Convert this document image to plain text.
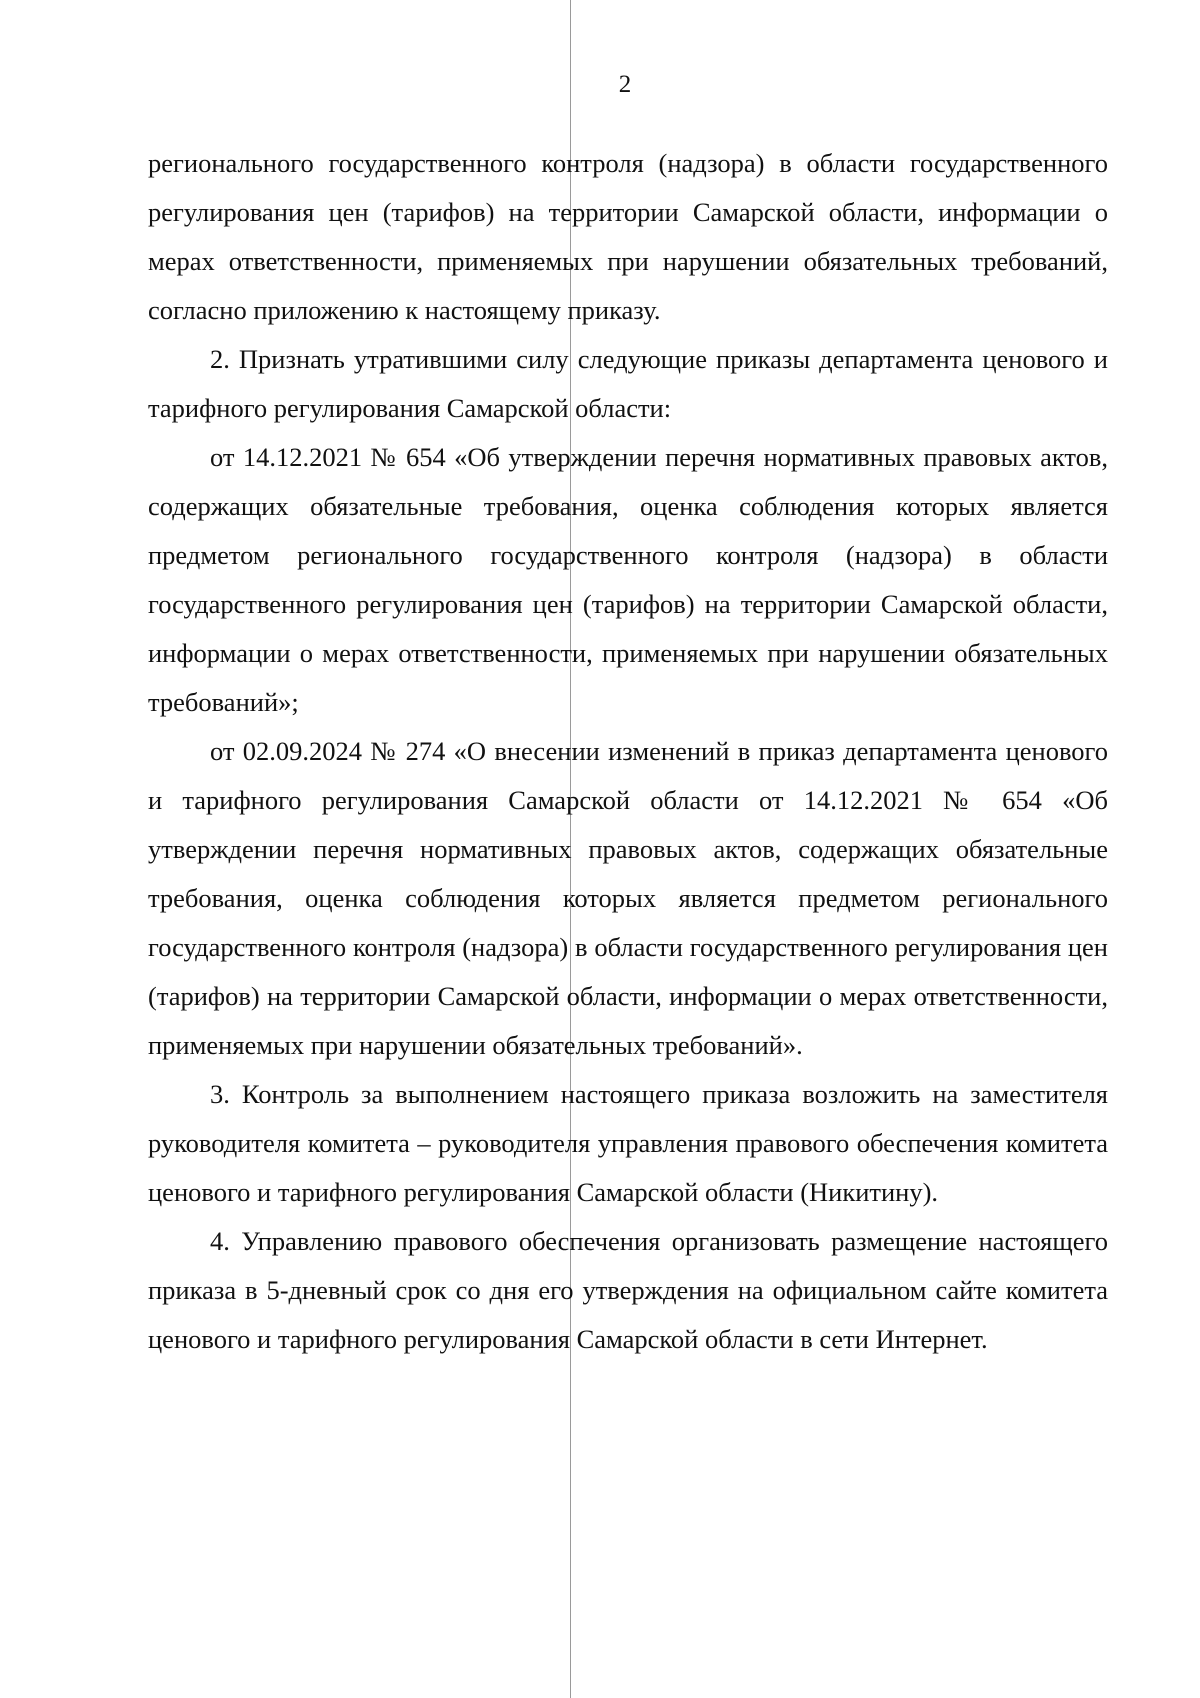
2

регионального государственного контроля (надзора) в области государственного регулирования цен (тарифов) на территории Самарской области, информации о мерах ответственности, применяемых при нарушении обязательных требований, согласно приложению к настоящему приказу.

2. Признать утратившими силу следующие приказы департамента ценового и тарифного регулирования Самарской области:

от 14.12.2021 № 654 «Об утверждении перечня нормативных правовых актов, содержащих обязательные требования, оценка соблюдения которых является предметом регионального государственного контроля (надзора) в области государственного регулирования цен (тарифов) на территории Самарской области, информации о мерах ответственности, применяемых при нарушении обязательных требований»;

от 02.09.2024 № 274 «О внесении изменений в приказ департамента ценового и тарифного регулирования Самарской области от 14.12.2021 № 654 «Об утверждении перечня нормативных правовых актов, содержащих обязательные требования, оценка соблюдения которых является предметом регионального государственного контроля (надзора) в области государственного регулирования цен (тарифов) на территории Самарской области, информации о мерах ответственности, применяемых при нарушении обязательных требований».

3. Контроль за выполнением настоящего приказа возложить на заместителя руководителя комитета – руководителя управления правового обеспечения комитета ценового и тарифного регулирования Самарской области (Никитину).

4. Управлению правового обеспечения организовать размещение настоящего приказа в 5-дневный срок со дня его утверждения на официальном сайте комитета ценового и тарифного регулирования Самарской области в сети Интернет.
